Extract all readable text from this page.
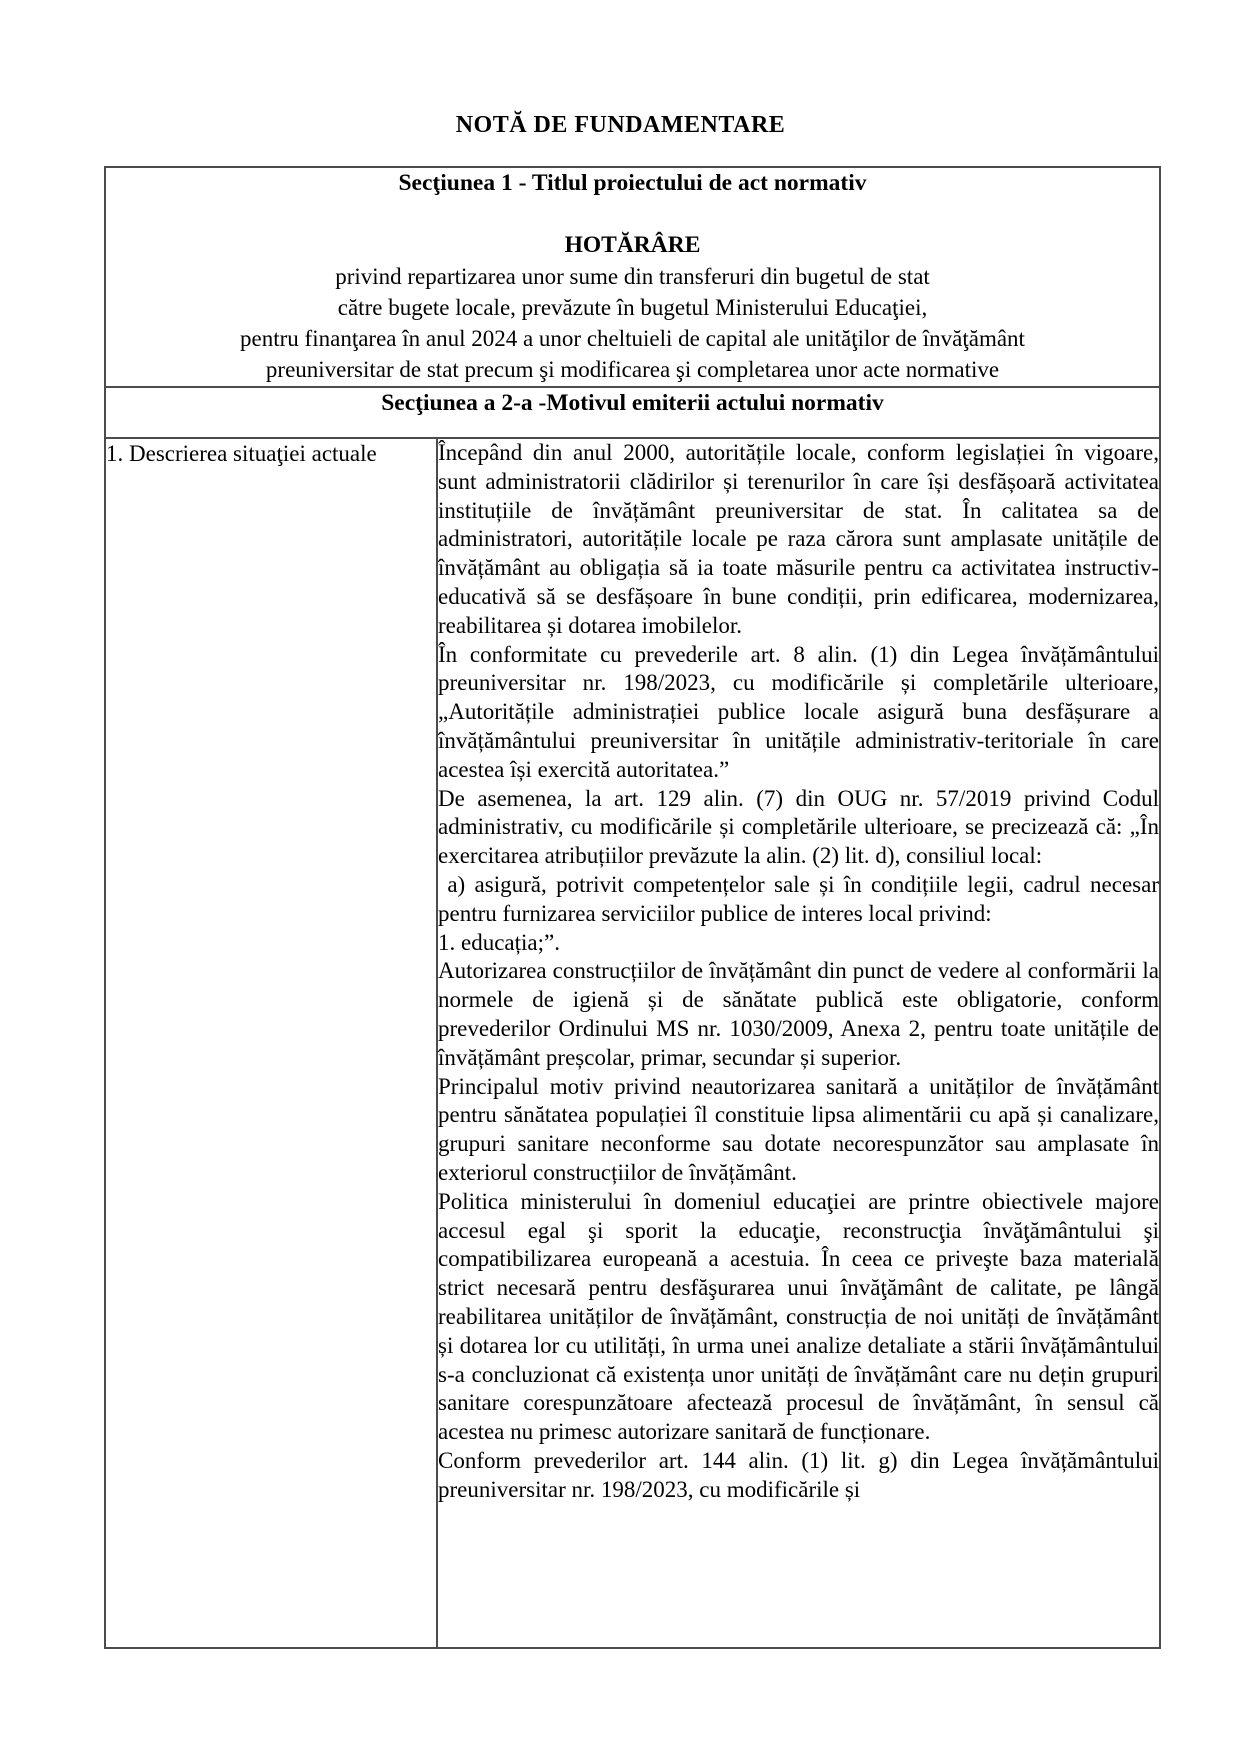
NOTĂ DE FUNDAMENTARE
Secţiunea 1 - Titlul proiectului de act normativ
HOTĂRÂRE
privind repartizarea unor sume din transferuri din bugetul de stat
către bugete locale, prevăzute în bugetul Ministerului Educaţiei,
pentru finanţarea în anul 2024 a unor cheltuieli de capital ale unităţilor de învăţământ
preuniversitar de stat precum şi modificarea şi completarea unor acte normative

Secţiunea a 2-a -Motivul emiterii actului normativ

1. Descrierea situaţiei actuale	Începând din anul 2000, autoritățile locale, conform legislației în vigoare, sunt administratorii clădirilor și terenurilor în care își desfășoară activitatea instituțiile de învățământ preuniversitar de stat. În calitatea sa de administratori, autoritățile locale pe raza cărora sunt amplasate unitățile de învățământ au obligația să ia toate măsurile pentru ca activitatea instructiv-educativă să se desfășoare în bune condiții, prin edificarea, modernizarea, reabilitarea și dotarea imobilelor.

În conformitate cu prevederile art. 8 alin. (1) din Legea învățământului preuniversitar nr. 198/2023, cu modificările și completările ulterioare, „Autoritățile administrației publice locale asigură buna desfășurare a învățământului preuniversitar în unitățile administrativ-teritoriale în care acestea își exercită autoritatea.”

De asemenea, la art. 129 alin. (7) din OUG nr. 57/2019 privind Codul administrativ, cu modificările și completările ulterioare, se precizează că: „În exercitarea atribuțiilor prevăzute la alin. (2) lit. d), consiliul local:

a) asigură, potrivit competențelor sale și în condițiile legii, cadrul necesar pentru furnizarea serviciilor publice de interes local privind:

1. educația;”.

Autorizarea construcțiilor de învățământ din punct de vedere al conformării la normele de igienă și de sănătate publică este obligatorie, conform prevederilor Ordinului MS nr. 1030/2009, Anexa 2, pentru toate unitățile de învățământ preșcolar, primar, secundar și superior.

Principalul motiv privind neautorizarea sanitară a unităților de învățământ pentru sănătatea populației îl constituie lipsa alimentării cu apă și canalizare, grupuri sanitare neconforme sau dotate necorespunzător sau amplasate în exteriorul construcțiilor de învățământ.

Politica ministerului în domeniul educaţiei are printre obiectivele majore accesul egal şi sporit la educaţie, reconstrucţia învăţământului şi compatibilizarea europeană a acestuia. În ceea ce priveşte baza materială strict necesară pentru desfăşurarea unui învăţământ de calitate, pe lângă reabilitarea unităților de învățământ, construcția de noi unități de învățământ și dotarea lor cu utilități, în urma unei analize detaliate a stării învățământului s-a concluzionat că existența unor unități de învățământ care nu dețin grupuri sanitare corespunzătoare afectează procesul de învățământ, în sensul că acestea nu primesc autorizare sanitară de funcționare.

Conform prevederilor art. 144 alin. (1) lit. g) din Legea învățământului preuniversitar nr. 198/2023, cu modificările și
